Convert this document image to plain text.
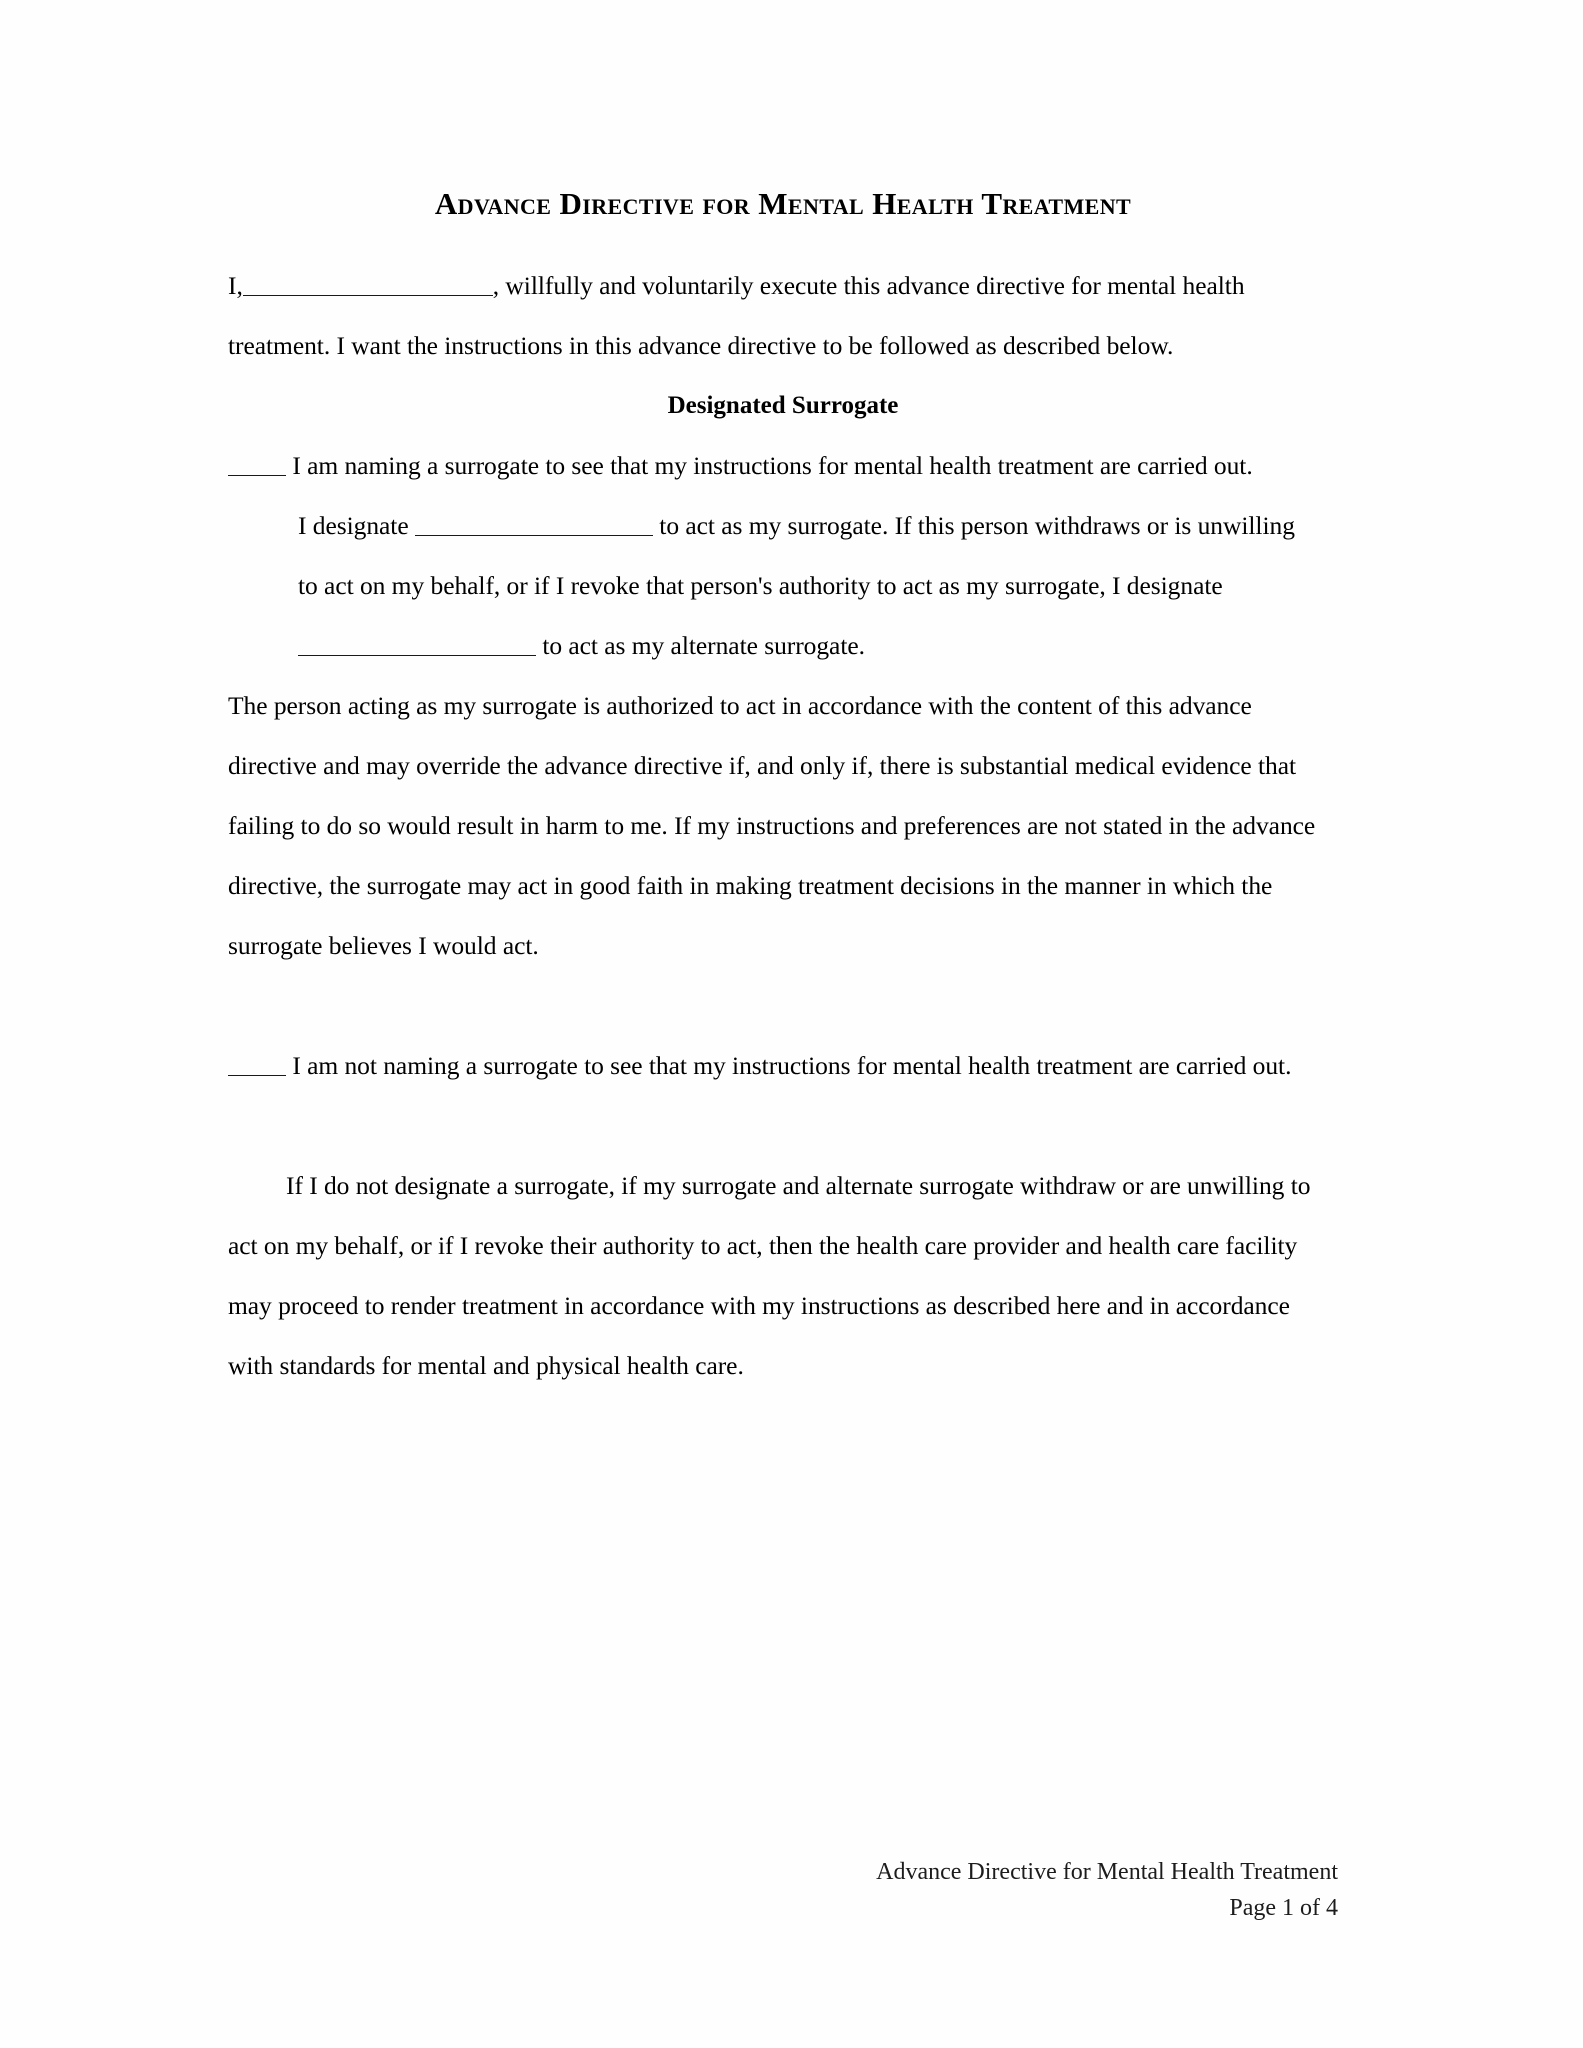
Advance Directive for Mental Health Treatment

I,	, willfully and voluntarily execute this advance directive for mental health treatment. I want the instructions in this advance directive to be followed as described below.

Designated Surrogate

I am naming a surrogate to see that my instructions for mental health treatment are carried out.

I designate	to act as my surrogate. If this person withdraws or is unwilling to act on my behalf, or if I revoke that person's authority to act as my surrogate, I designate  to act as my alternate surrogate.

The person acting as my surrogate is authorized to act in accordance with the content of this advance directive and may override the advance directive if, and only if, there is substantial medical evidence that failing to do so would result in harm to me. If my instructions and preferences are not stated in the advance directive, the surrogate may act in good faith in making treatment decisions in the manner in which the surrogate believes I would act.

I am not naming a surrogate to see that my instructions for mental health treatment are carried out.

If I do not designate a surrogate, if my surrogate and alternate surrogate withdraw or are unwilling to act on my behalf, or if I revoke their authority to act, then the health care provider and health care facility may proceed to render treatment in accordance with my instructions as described here and in accordance with standards for mental and physical health care.

Advance Directive for Mental Health Treatment
Page 1 of 4
